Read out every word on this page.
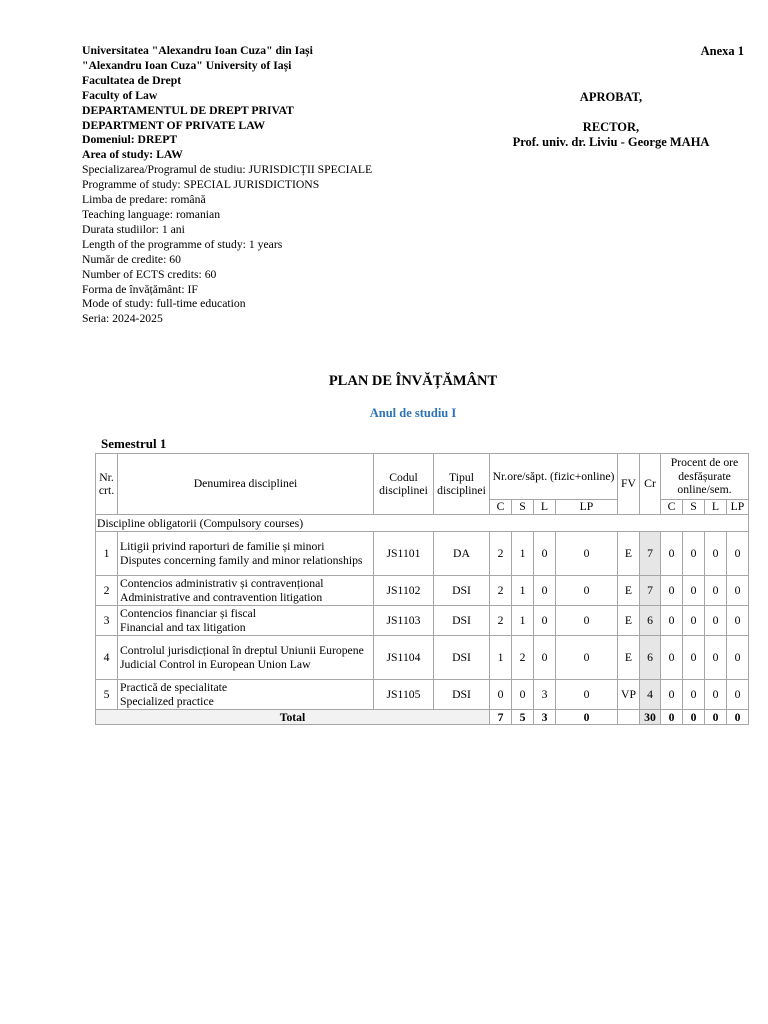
Universitatea "Alexandru Ioan Cuza" din Iași
"Alexandru Ioan Cuza" University of Iași
Facultatea de Drept
Faculty of Law
DEPARTAMENTUL DE DREPT PRIVAT
DEPARTMENT OF PRIVATE LAW
Domeniul: DREPT
Area of study: LAW
Specializarea/Programul de studiu: JURISDICȚII SPECIALE
Programme of study: SPECIAL JURISDICTIONS
Limba de predare: română
Teaching language: romanian
Durata studiilor: 1 ani
Length of the programme of study: 1 years
Număr de credite: 60
Number of ECTS credits: 60
Forma de învățământ: IF
Mode of study: full-time education
Seria: 2024-2025
Anexa 1
APROBAT,
RECTOR,
Prof. univ. dr. Liviu - George MAHA
PLAN DE ÎNVĂȚĂMÂNT
Anul de studiu I
Semestrul 1
Nr. crt.	Denumirea disciplinei	Codul disciplinei	Tipul disciplinei	Nr.ore/săpt. (fizic+online)				FV	Cr	Procent de ore desfășurate online/sem.			
				C	S	L	LP			C	S	L	LP
Discipline obligatorii (Compulsory courses)													
1	Litigii privind raporturi de familie și minori
Disputes concerning family and minor relationships	JS1101	DA	2	1	0	0	E	7	0	0	0	0
2	Contencios administrativ și contravențional
Administrative and contravention litigation	JS1102	DSI	2	1	0	0	E	7	0	0	0	0
3	Contencios financiar și fiscal
Financial and tax litigation	JS1103	DSI	2	1	0	0	E	6	0	0	0	0
4	Controlul jurisdicțional în dreptul Uniunii Europene
Judicial Control in European Union Law	JS1104	DSI	1	2	0	0	E	6	0	0	0	0
5	Practică de specialitate
Specialized practice	JS1105	DSI	0	0	3	0	VP	4	0	0	0	0
Total				7	5	3	0		30	0	0	0	0
